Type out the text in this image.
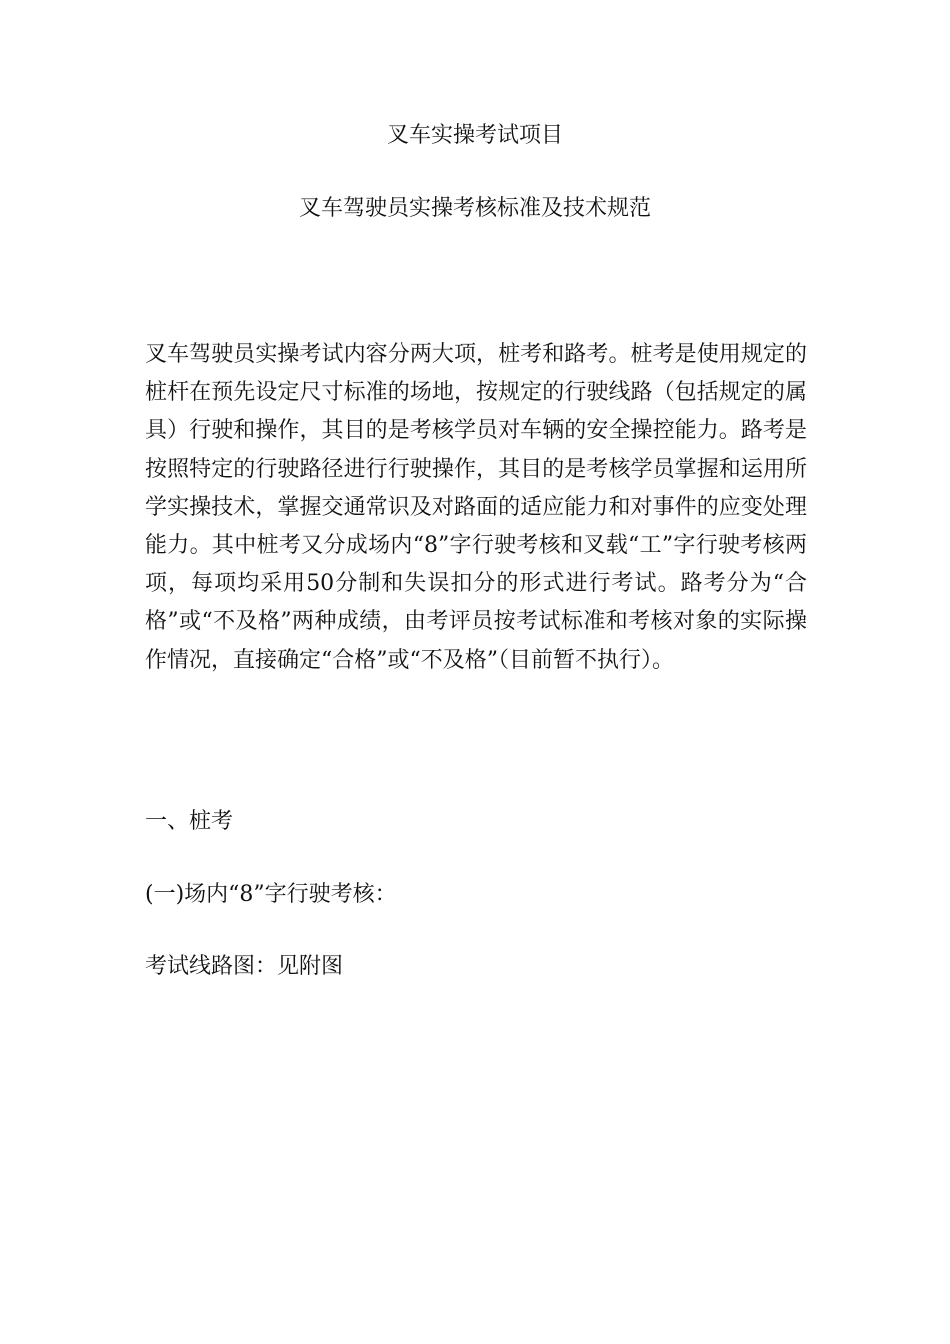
叉车实操考试项目
叉车驾驶员实操考核标准及技术规范

叉车驾驶员实操考试内容分两大项，桩考和路考。桩考是使用规定的桩杆在预先设定尺寸标准的场地，按规定的行驶线路（包括规定的属具）行驶和操作，其目的是考核学员对车辆的安全操控能力。路考是按照特定的行驶路径进行行驶操作，其目的是考核学员掌握和运用所学实操技术，掌握交通常识及对路面的适应能力和对事件的应变处理能力。其中桩考又分成场内“8”字行驶考核和叉载“工”字行驶考核两项，每项均采用50分制和失误扣分的形式进行考试。路考分为“合格”或“不及格”两种成绩，由考评员按考试标准和考核对象的实际操作情况，直接确定“合格”或“不及格”（目前暂不执行）。

一、桩考

(一)场内“8”字行驶考核：

考试线路图：见附图
